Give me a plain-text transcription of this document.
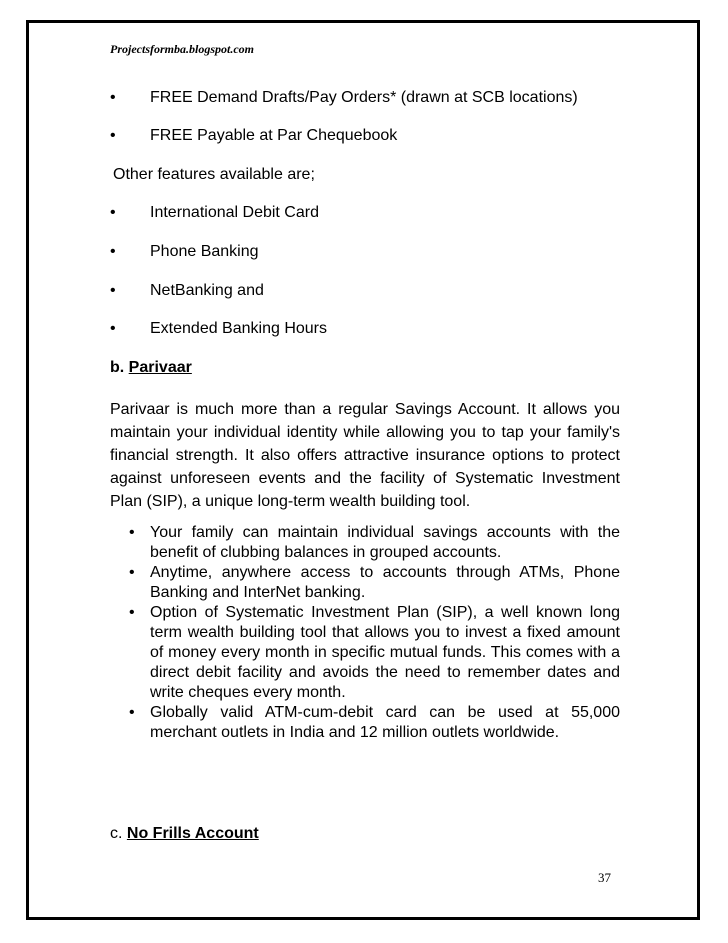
Projectsformba.blogspot.com
• FREE Demand Drafts/Pay Orders* (drawn at SCB locations)
• FREE Payable at Par Chequebook
Other features available are;
• International Debit Card
• Phone Banking
• NetBanking and
• Extended Banking Hours
b. Parivaar

Parivaar is much more than a regular Savings Account. It allows you maintain your individual identity while allowing you to tap your family's financial strength. It also offers attractive insurance options to protect against unforeseen events and the facility of Systematic Investment Plan (SIP), a unique long-term wealth building tool.

• Your family can maintain individual savings accounts with the benefit of clubbing balances in grouped accounts.
• Anytime, anywhere access to accounts through ATMs, Phone Banking and InterNet banking.
• Option of Systematic Investment Plan (SIP), a well known long term wealth building tool that allows you to invest a fixed amount of money every month in specific mutual funds. This comes with a direct debit facility and avoids the need to remember dates and write cheques every month.
• Globally valid ATM-cum-debit card can be used at 55,000 merchant outlets in India and 12 million outlets worldwide.
c. No Frills Account
37
